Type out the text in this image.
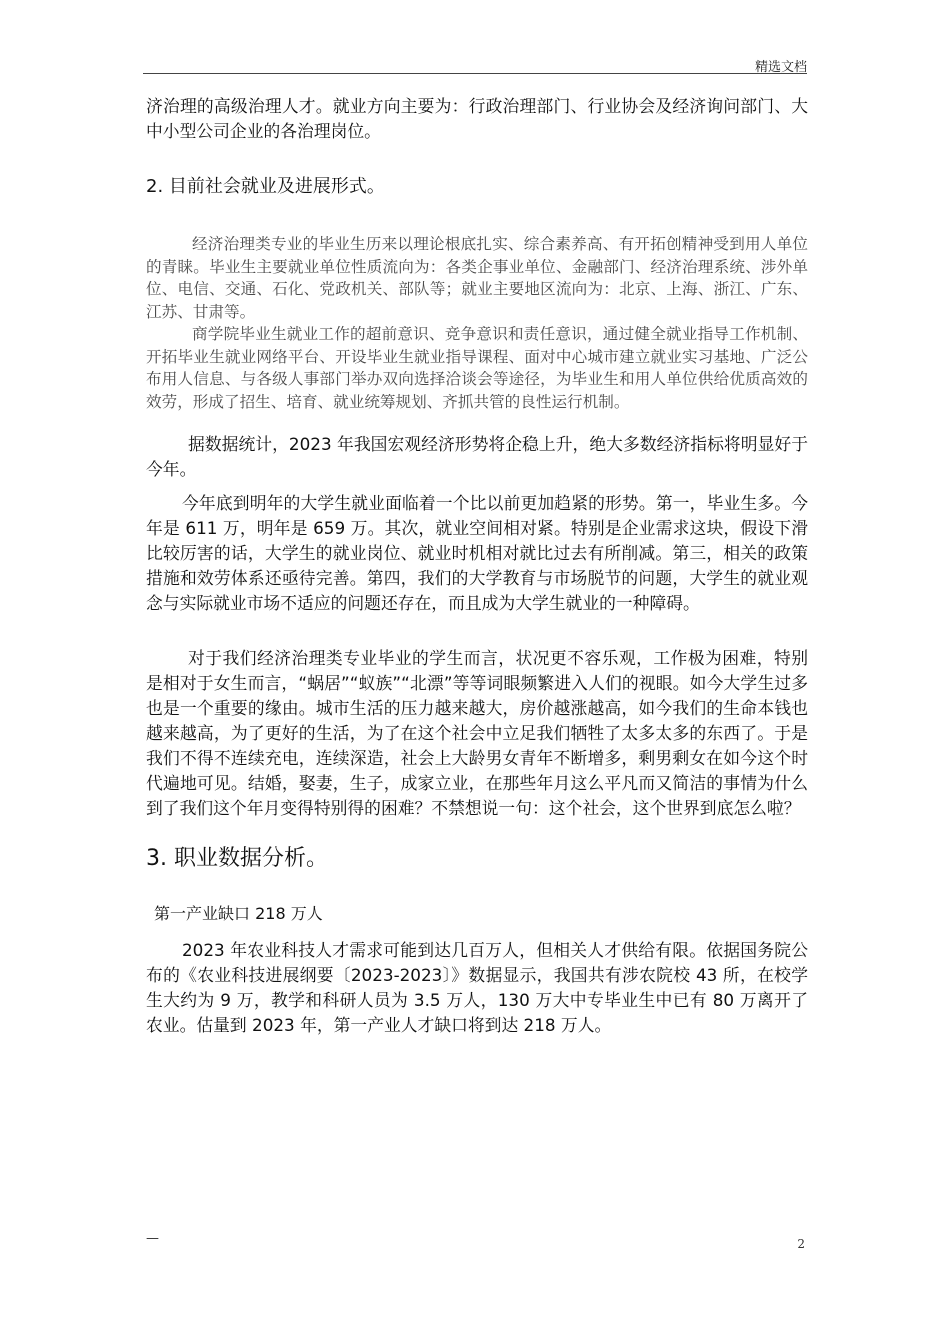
精选文档

济治理的高级治理人才。就业方向主要为：行政治理部门、行业协会及经济询问部门、大中小型公司企业的各治理岗位。

2. 目前社会就业及进展形式。

经济治理类专业的毕业生历来以理论根底扎实、综合素养高、有开拓创精神受到用人单位的青睐。毕业生主要就业单位性质流向为：各类企事业单位、金融部门、经济治理系统、涉外单位、电信、交通、石化、党政机关、部队等；就业主要地区流向为：北京、上海、浙江、广东、江苏、甘肃等。

商学院毕业生就业工作的超前意识、竞争意识和责任意识，通过健全就业指导工作机制、开拓毕业生就业网络平台、开设毕业生就业指导课程、面对中心城市建立就业实习基地、广泛公布用人信息、与各级人事部门举办双向选择洽谈会等途径，为毕业生和用人单位供给优质高效的效劳，形成了招生、培育、就业统筹规划、齐抓共管的良性运行机制。

据数据统计，2023 年我国宏观经济形势将企稳上升，绝大多数经济指标将明显好于今年。

今年底到明年的大学生就业面临着一个比以前更加趋紧的形势。第一，毕业生多。今年是 611 万，明年是 659 万。其次，就业空间相对紧。特别是企业需求这块，假设下滑比较厉害的话，大学生的就业岗位、就业时机相对就比过去有所削减。第三，相关的政策措施和效劳体系还亟待完善。第四，我们的大学教育与市场脱节的问题，大学生的就业观念与实际就业市场不适应的问题还存在，而且成为大学生就业的一种障碍。

对于我们经济治理类专业毕业的学生而言，状况更不容乐观，工作极为困难，特别是相对于女生而言，“蜗居”“蚁族”“北漂”等等词眼频繁进入人们的视眼。如今大学生过多也是一个重要的缘由。城市生活的压力越来越大，房价越涨越高，如今我们的生命本钱也越来越高，为了更好的生活，为了在这个社会中立足我们牺牲了太多太多的东西了。于是我们不得不连续充电，连续深造，社会上大龄男女青年不断增多，剩男剩女在如今这个时代遍地可见。结婚，娶妻，生子，成家立业，在那些年月这么平凡而又简洁的事情为什么到了我们这个年月变得特别得的困难？不禁想说一句：这个社会，这个世界到底怎么啦？

3. 职业数据分析。
第一产业缺口 218 万人

2023 年农业科技人才需求可能到达几百万人，但相关人才供给有限。依据国务院公布的《农业科技进展纲要〔2023-2023〕》数据显示，我国共有涉农院校 43 所，在校学生大约为 9 万，教学和科研人员为 3.5 万人，130 万大中专毕业生中已有 80 万离开了农业。估量到 2023 年，第一产业人才缺口将到达 218 万人。

—	2
